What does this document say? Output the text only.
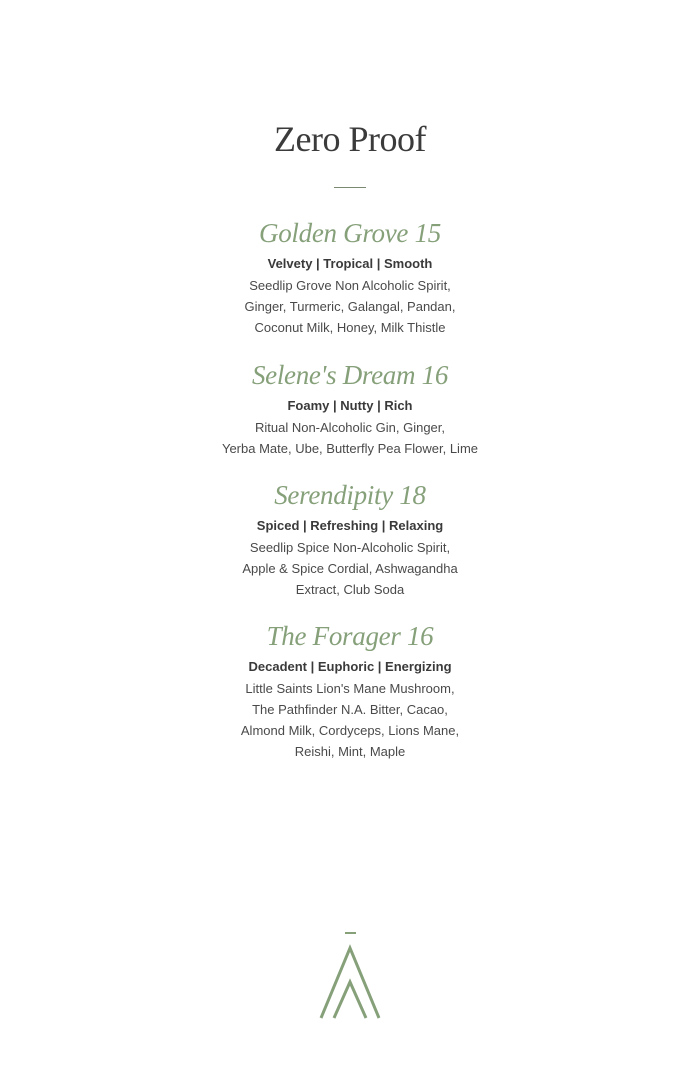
Zero Proof
Golden Grove 15
Velvety | Tropical | Smooth
Seedlip Grove Non Alcoholic Spirit,
Ginger, Turmeric, Galangal, Pandan,
Coconut Milk, Honey, Milk Thistle
Selene's Dream 16
Foamy | Nutty | Rich
Ritual Non-Alcoholic Gin, Ginger,
Yerba Mate, Ube, Butterfly Pea Flower, Lime
Serendipity 18
Spiced | Refreshing | Relaxing
Seedlip Spice Non-Alcoholic Spirit,
Apple & Spice Cordial, Ashwagandha
Extract, Club Soda
The Forager 16
Decadent | Euphoric | Energizing
Little Saints Lion's Mane Mushroom,
The Pathfinder N.A. Bitter, Cacao,
Almond Milk, Cordyceps, Lions Mane,
Reishi, Mint, Maple
